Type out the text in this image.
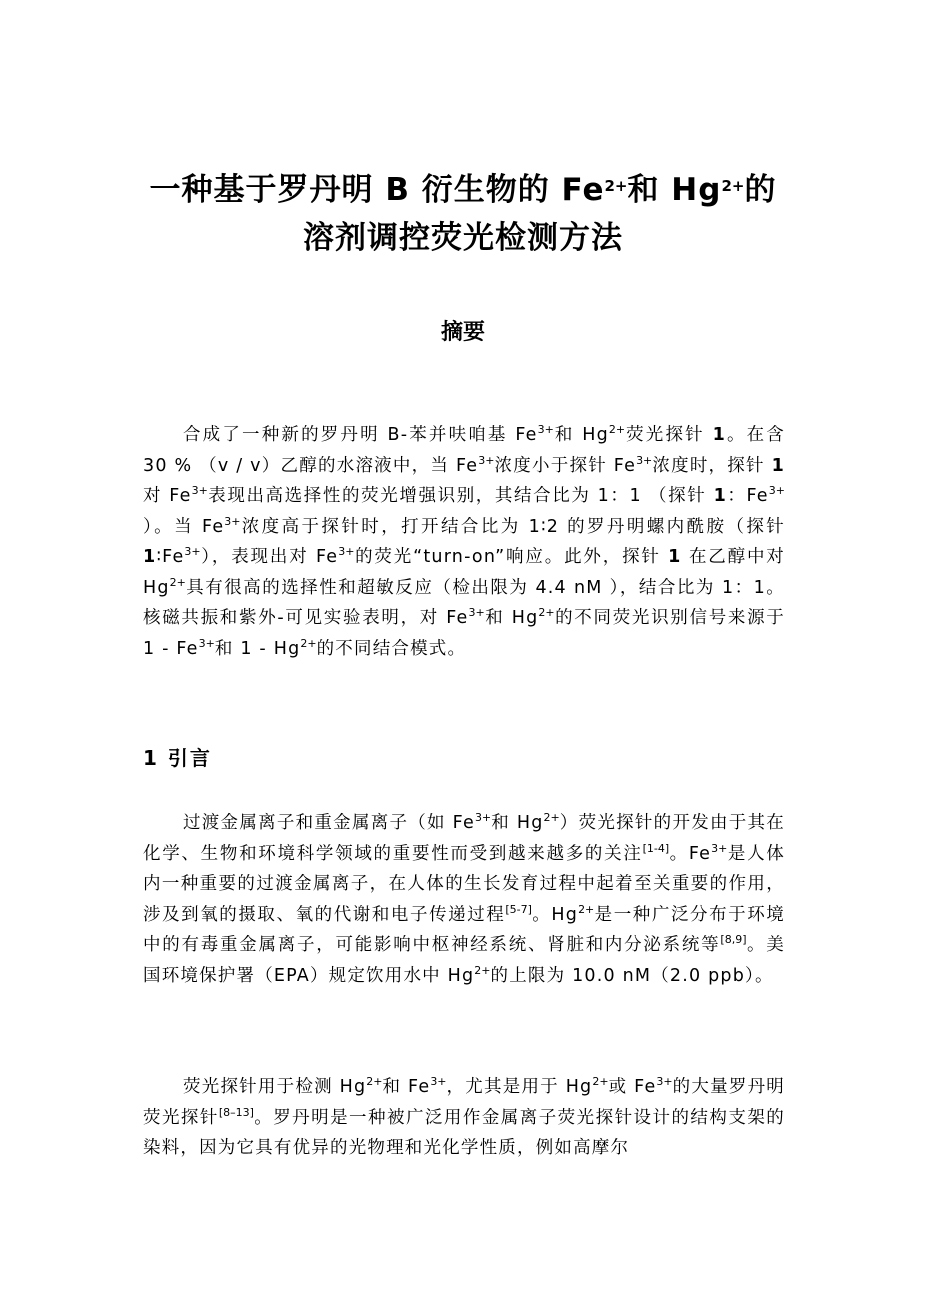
一种基于罗丹明 B 衍生物的 $Fe^{2+}$和 $Hg^{2+}$的
溶剂调控荧光检测方法
摘要
合成了一种新的罗丹明 B-苯并呋咱基 $Fe^{3+}$和 $Hg^{2+}$荧光探针 1。在含 30 % （v / v）乙醇的水溶液中，当 $Fe^{3+}$浓度小于探针 $Fe^{3+}$浓度时，探针 1 对 $Fe^{3+}$表现出高选择性的荧光增强识别，其结合比为 1：1 （探针 1：$Fe^{3+}$ ）。当 $Fe^{3+}$浓度高于探针时，打开结合比为 1∶2 的罗丹明螺内酰胺（探针 $1∶Fe^{3+}$），表现出对 $Fe^{3+}$的荧光“turn-on”响应。此外，探针 1 在乙醇中对 $Hg^{2+}$具有很高的选择性和超敏反应（检出限为 4.4 nM ），结合比为 1：1。核磁共振和紫外-可见实验表明，对 $Fe^{3+}$和 $Hg^{2+}$的不同荧光识别信号来源于 $1 - Fe^{3+}$和 $1 - Hg^{2+}$的不同结合模式。
1 引言
过渡金属离子和重金属离子（如 $Fe^{3+}$和 $Hg^{2+}$）荧光探针的开发由于其在化学、生物和环境科学领域的重要性而受到越来越多的关注[1-4]。$Fe^{3+}$是人体内一种重要的过渡金属离子，在人体的生长发育过程中起着至关重要的作用，涉及到氧的摄取、氧的代谢和电子传递过程[5-7]。$Hg^{2+}$是一种广泛分布于环境中的有毒重金属离子，可能影响中枢神经系统、肾脏和内分泌系统等[8,9]。美国环境保护署（EPA）规定饮用水中 $Hg^{2+}$的上限为 10.0 nM（2.0 ppb）。
荧光探针用于检测 $Hg^{2+}$和 $Fe^{3+}$，尤其是用于 $Hg^{2+}$或 $Fe^{3+}$的大量罗丹明荧光探针[8–13]。罗丹明是一种被广泛用作金属离子荧光探针设计的结构支架的染料，因为它具有优异的光物理和光化学性质，例如高摩尔
